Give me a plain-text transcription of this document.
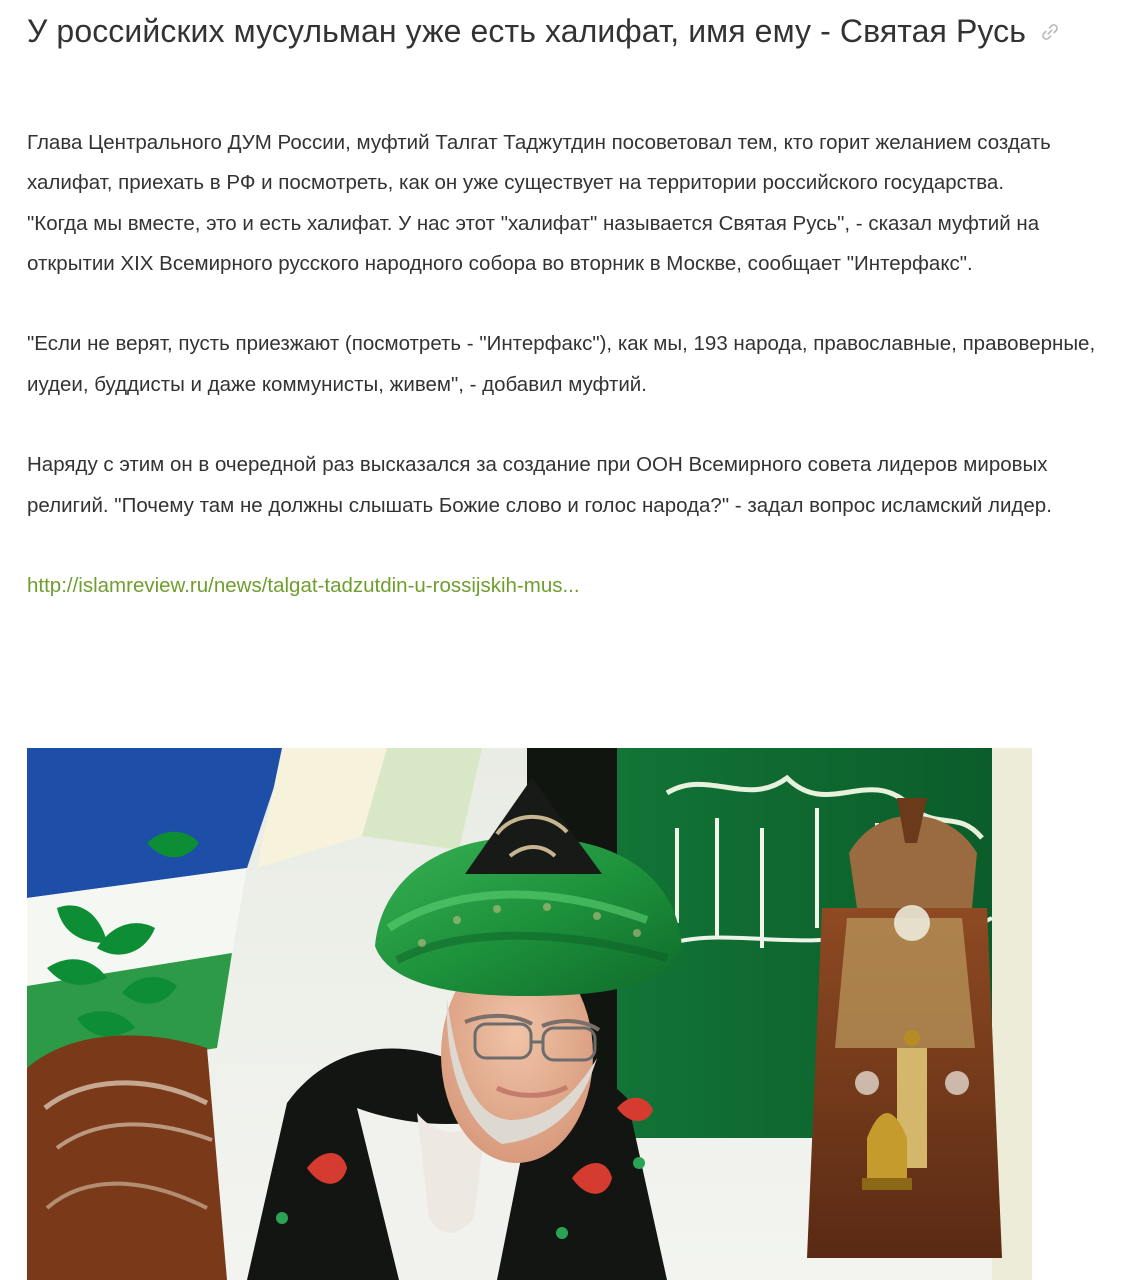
У российских мусульман уже есть халифат, имя ему - Святая Русь

Глава Центрального ДУМ России, муфтий Талгат Таджутдин посоветовал тем, кто горит желанием создать халифат, приехать в РФ и посмотреть, как он уже существует на территории российского государства.

"Когда мы вместе, это и есть халифат. У нас этот "халифат" называется Святая Русь", - сказал муфтий на открытии XIX Всемирного русского народного собора во вторник в Москве, сообщает "Интерфакс".

"Если не верят, пусть приезжают (посмотреть - "Интерфакс"), как мы, 193 народа, православные, правоверные, иудеи, буддисты и даже коммунисты, живем", - добавил муфтий.

Наряду с этим он в очередной раз высказался за создание при ООН Всемирного совета лидеров мировых религий. "Почему там не должны слышать Божие слово и голос народа?" - задал вопрос исламский лидер.

http://islamreview.ru/news/talgat-tadzutdin-u-rossijskih-mus...
